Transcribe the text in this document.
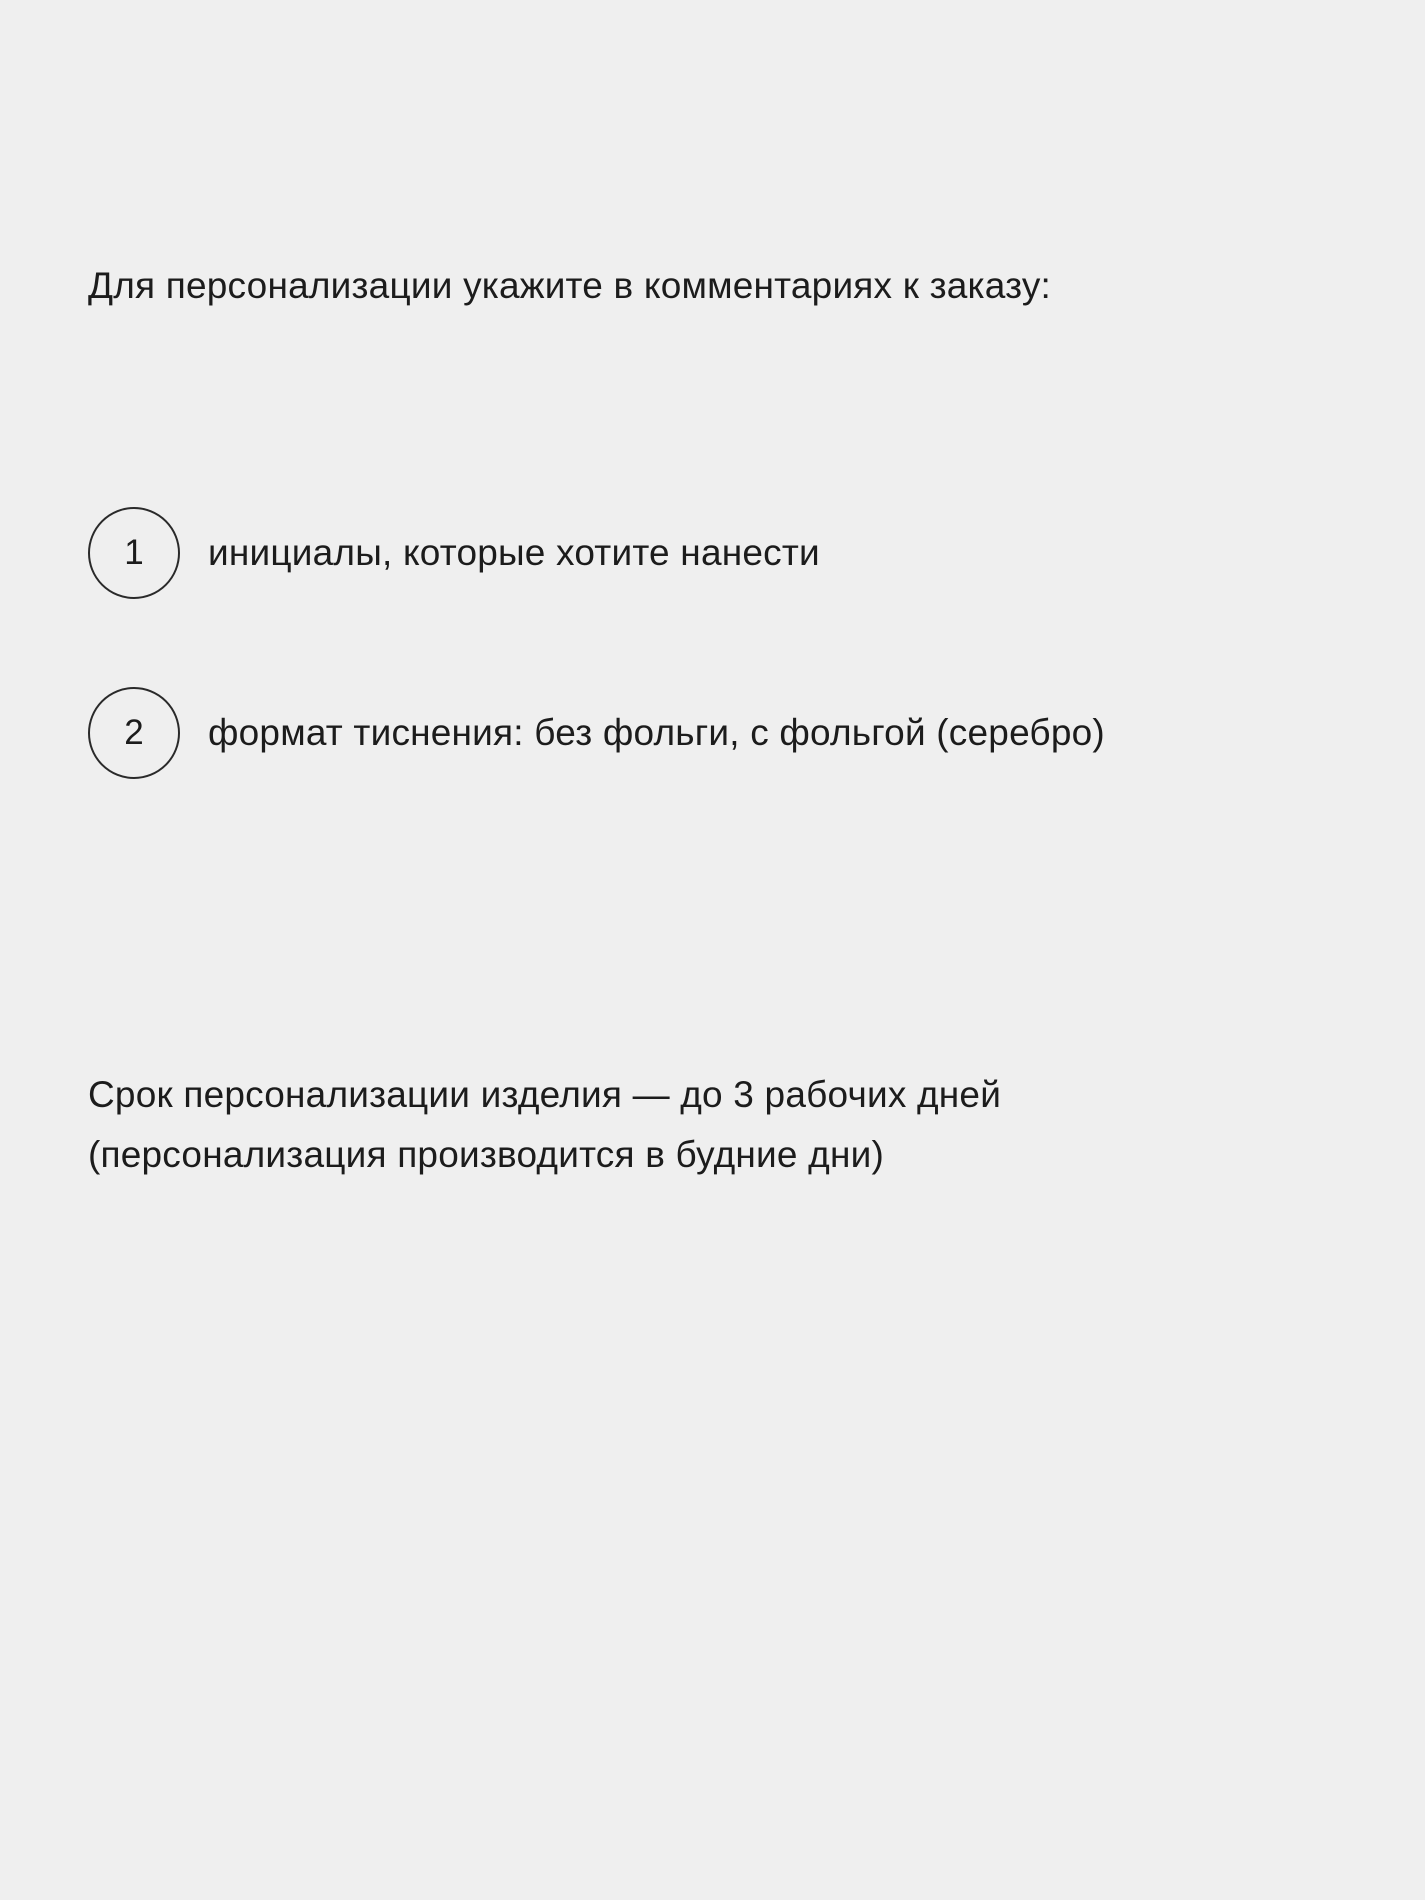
Для персонализации укажите в комментариях к заказу:
1	инициалы, которые хотите нанести
2	формат тиснения: без фольги, с фольгой (серебро)
Срок персонализации изделия — до 3 рабочих дней
(персонализация производится в будние дни)
